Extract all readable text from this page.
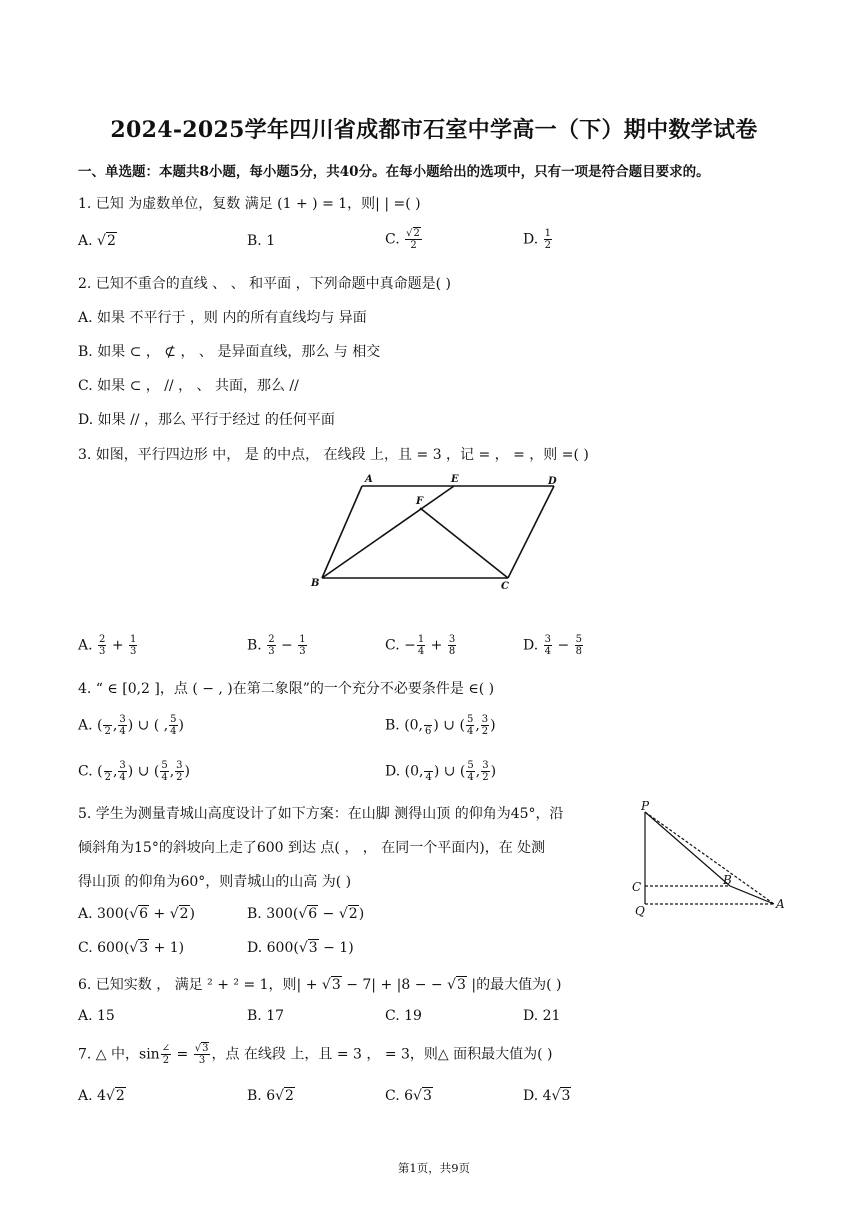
2024-2025学年四川省成都市石室中学高一（下）期中数学试卷
一、单选题：本题共8小题，每小题5分，共40分。在每小题给出的选项中，只有一项是符合题目要求的。
1. 已知 为虚数单位，复数 满足 (1 + ) = 1，则| | =( )
A. √2	B. 1	C. $\frac{√2}{2}$	D. $\frac{1}{2}$
2. 已知不重合的直线 、 、 和平面 ，下列命题中真命题是( )
A. 如果 不平行于 ，则 内的所有直线均与 异面
B. 如果 ⊂ ， ⊄ ， 、 是异面直线，那么 与 相交
C. 如果 ⊂ ， // ， 、 共面，那么 //
D. 如果 // ，那么 平行于经过 的任何平面
3. 如图，平行四边形 中， 是 的中点， 在线段 上，且 = 3 ，记 = ， = ，则 =( )
A	E	D
F
B	C
A. $\frac{2}{3} + \frac{1}{3}$	B. $\frac{2}{3} - \frac{1}{3}$	C. − $\frac{1}{4} + \frac{3}{8}$	D. $\frac{3}{4} - \frac{5}{8}$
4. “ ∈ [0,2 ]，点 ( − , )在第二象限”的一个充分不必要条件是 ∈( )
A. (
2 , $\frac{3}{4}$ ) ∪ ( , $\frac{5}{4}$ )	B. (0,
6 ) ∪ ( $\frac{5}{4}$ , $\frac{3}{2}$ )
C. (
2 , $\frac{3}{4}$ ) ∪ ( $\frac{5}{4}$ , $\frac{3}{2}$ )	D. (0,
4 ) ∪ ( $\frac{5}{4}$ , $\frac{3}{2}$ )
5. 学生为测量青城山高度设计了如下方案：在山脚 测得山顶 的仰角为45°，沿
倾斜角为15°的斜坡向上走了600 到达 点( ， ， 在同一个平面内)，在 处测
得山顶 的仰角为60°，则青城山的山高 为( )
P
C	B
Q	A
A. 300(√6 + √2)	B. 300(√6 − √2)
C. 600(√3 + 1)	D. 600(√3 − 1)
6. 已知实数 ， 满足 ² + ² = 1，则| + √3 − 7| + |8 − − √3 |的最大值为( )
A. 15	B. 17	C. 19	D. 21
7. △ 中，$\sin \frac{\angle}{2} = \frac{√3}{3}$ ，点 在线段 上，且 = 3 ， = 3，则△ 面积最大值为( )
A. 4√2	B. 6√2	C. 6√3	D. 4√3
第1页，共9页
